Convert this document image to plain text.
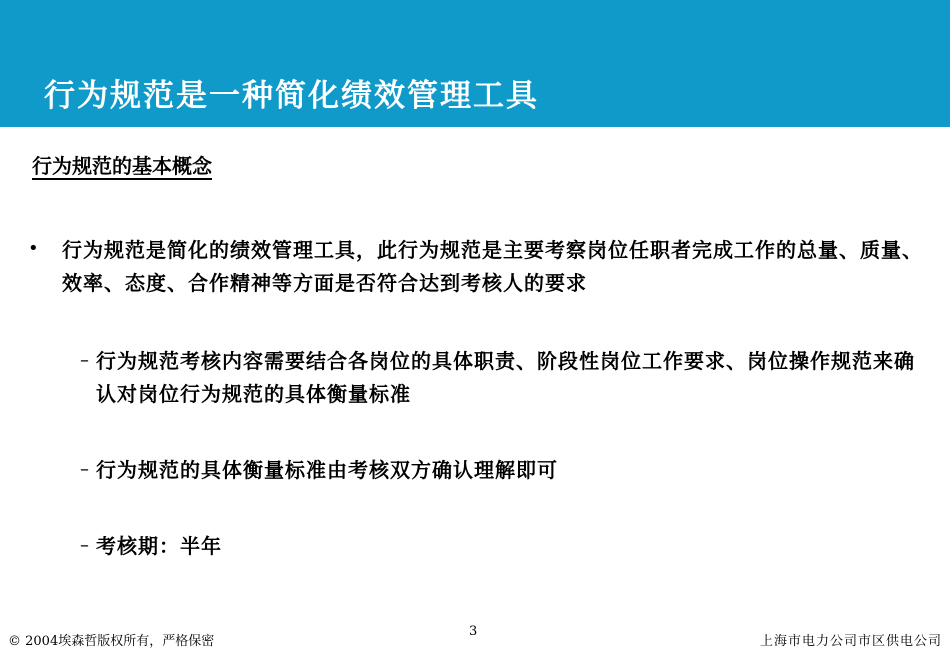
行为规范是一种简化绩效管理工具
行为规范的基本概念
• 行为规范是简化的绩效管理工具，此行为规范是主要考察岗位任职者完成工作的总量、质量、效率、态度、合作精神等方面是否符合达到考核人的要求
– 行为规范考核内容需要结合各岗位的具体职责、阶段性岗位工作要求、岗位操作规范来确认对岗位行为规范的具体衡量标准
– 行为规范的具体衡量标准由考核双方确认理解即可
– 考核期：半年
© 2004埃森哲版权所有，严格保密
3
上海市电力公司市区供电公司
